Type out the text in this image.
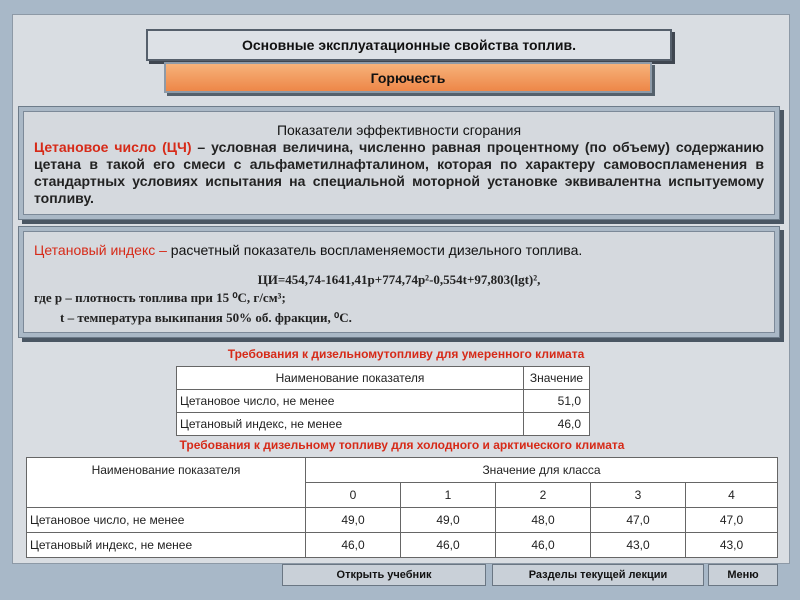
Основные эксплуатационные свойства топлив.
Горючесть
Показатели эффективности сгорания
Цетановое число (ЦЧ) – условная величина, численно равная процентному (по объему) содержанию цетана в такой его смеси с альфаметилнафталином, которая по характеру самовоспламенения в стандартных условиях испытания на специальной моторной установке эквивалентна испытуемому топливу.
Цетановый индекс – расчетный показатель воспламеняемости дизельного топлива.
ЦИ=454,74-1641,41р+774,74р²-0,554t+97,803(lgt)²,
где р – плотность топлива при 15 ⁰С, г/см³;
t – температура выкипания 50% об. фракции, ⁰С.
Требования к дизельномутопливу для умеренного климата
Наименование показателя	Значение
Цетановое число, не менее	51,0
Цетановый индекс, не менее	46,0
Требования к дизельному топливу для холодного и арктического климата
Наименование показателя	Значение для класса				
	0	1	2	3	4
Цетановое число, не менее	49,0	49,0	48,0	47,0	47,0
Цетановый индекс, не менее	46,0	46,0	46,0	43,0	43,0
Открыть учебник	Разделы текущей лекции	Меню
